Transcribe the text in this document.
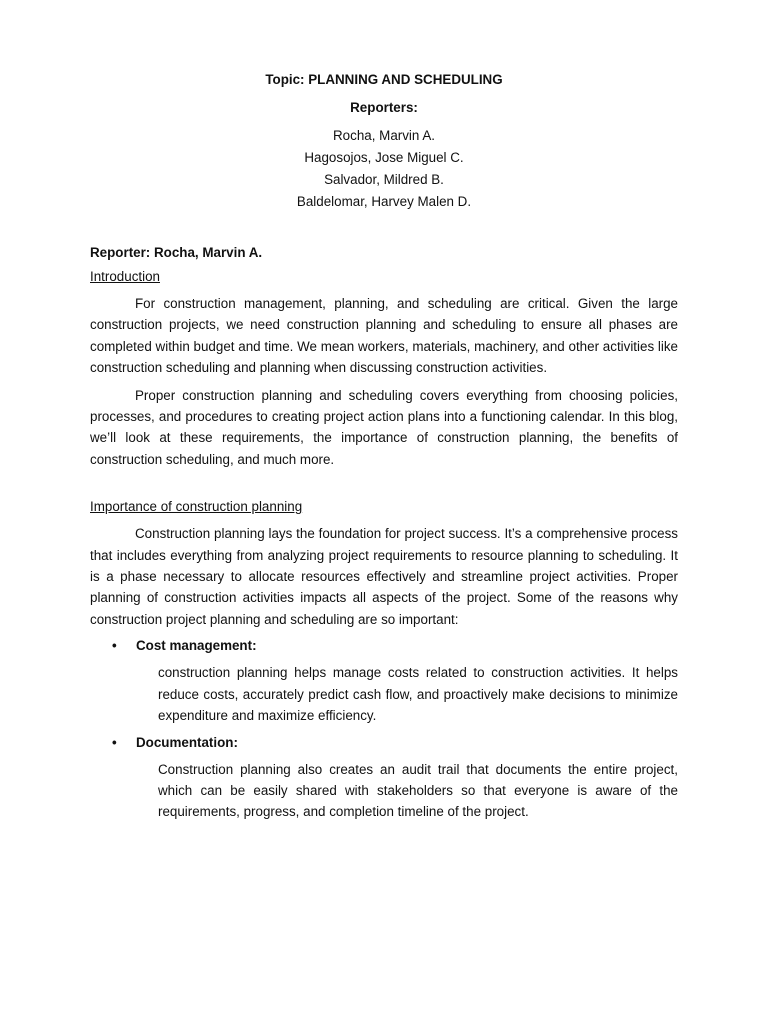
Topic: PLANNING AND SCHEDULING

Reporters:

Rocha, Marvin A.
Hagosojos, Jose Miguel C.
Salvador, Mildred B.
Baldelomar, Harvey Malen D.

Reporter: Rocha, Marvin A.

Introduction

For construction management, planning, and scheduling are critical. Given the large construction projects, we need construction planning and scheduling to ensure all phases are completed within budget and time. We mean workers, materials, machinery, and other activities like construction scheduling and planning when discussing construction activities.

Proper construction planning and scheduling covers everything from choosing policies, processes, and procedures to creating project action plans into a functioning calendar. In this blog, we’ll look at these requirements, the importance of construction planning, the benefits of construction scheduling, and much more.

Importance of construction planning

Construction planning lays the foundation for project success. It’s a comprehensive process that includes everything from analyzing project requirements to resource planning to scheduling. It is a phase necessary to allocate resources effectively and streamline project activities. Proper planning of construction activities impacts all aspects of the project. Some of the reasons why construction project planning and scheduling are so important:

• Cost management:

construction planning helps manage costs related to construction activities. It helps reduce costs, accurately predict cash flow, and proactively make decisions to minimize expenditure and maximize efficiency.

• Documentation:

Construction planning also creates an audit trail that documents the entire project, which can be easily shared with stakeholders so that everyone is aware of the requirements, progress, and completion timeline of the project.
